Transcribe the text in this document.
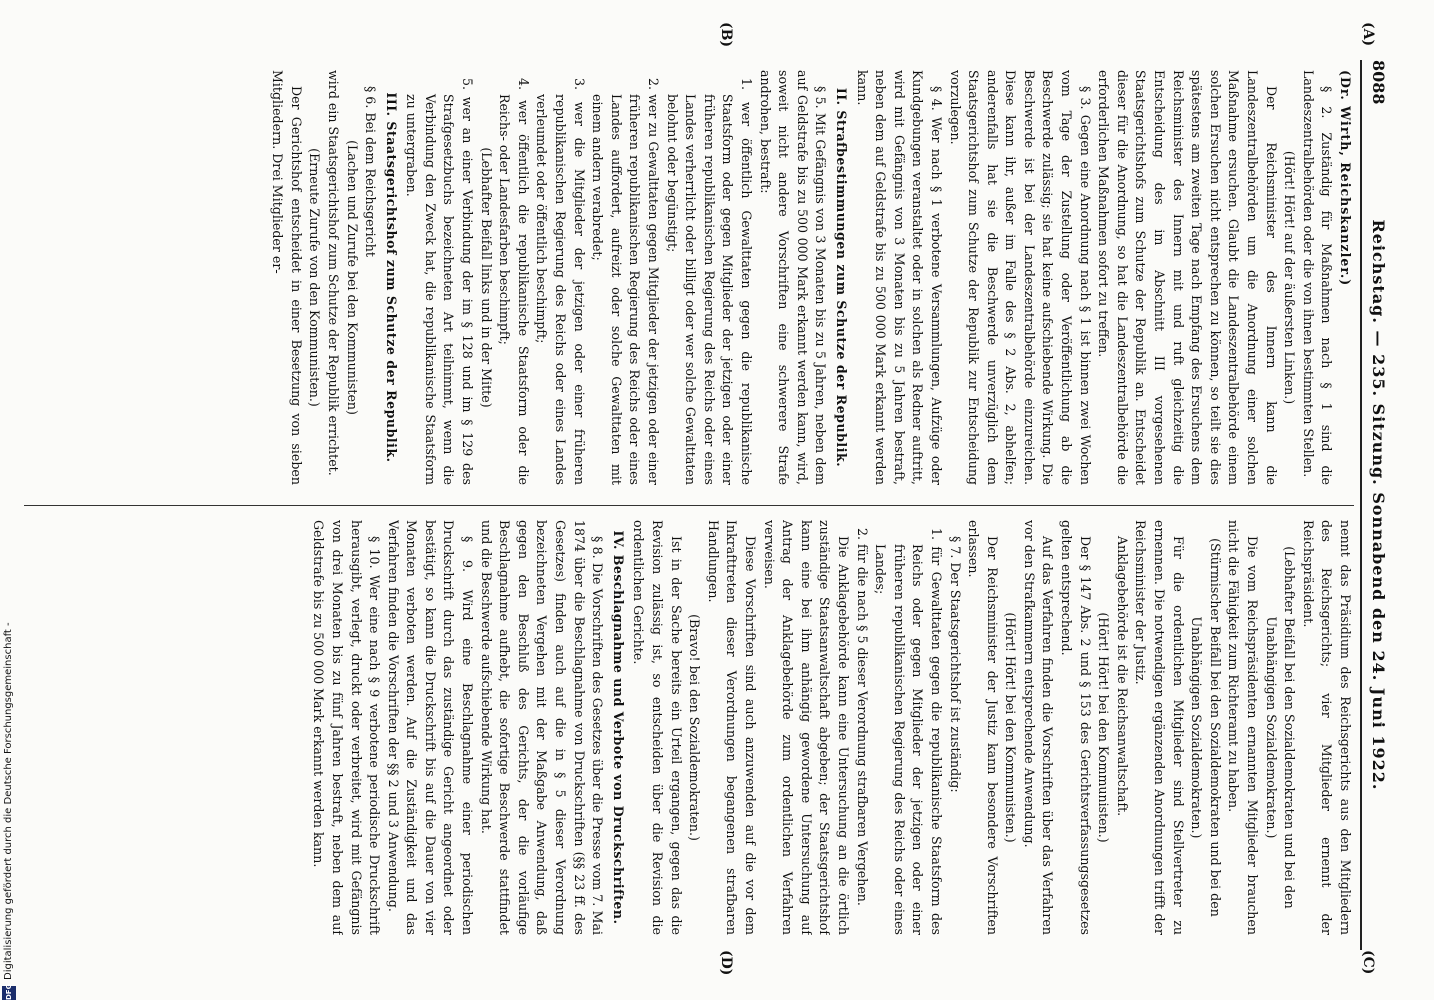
8088
Reichstag. — 235. Sitzung. Sonnabend den 24. Juni 1922.
(A)
(B)
(C)
(D)

(Dr. Wirth, Reichskanzler.)

§ 2. Zuständig für Maßnahmen nach § 1 sind die Landeszentralbehörden oder die von ihnen bestimmten Stellen.

(Hört! Hört! auf der äußersten Linken.)

Der Reichsminister des Innern kann die Landeszentralbehörden um die Anordnung einer solchen Maßnahme ersuchen. Glaubt die Landeszentralbehörde einem solchen Ersuchen nicht entsprechen zu können, so teilt sie dies spätestens am zweiten Tage nach Empfang des Ersuchens dem Reichsminister des Innern mit und ruft gleichzeitig die Entscheidung des im Abschnitt III vorgesehenen Staatsgerichtshofs zum Schutze der Republik an. Entscheidet dieser für die Anordnung, so hat die Landeszentralbehörde die erforderlichen Maßnahmen sofort zu treffen.

§ 3. Gegen eine Anordnung nach § 1 ist binnen zwei Wochen vom Tage der Zustellung oder Veröffentlichung ab die Beschwerde zulässig; sie hat keine aufschiebende Wirkung. Die Beschwerde ist bei der Landeszentralbehörde einzureichen. Diese kann ihr, außer im Falle des § 2 Abs. 2, abhelfen; anderenfalls hat sie die Beschwerde unverzüglich dem Staatsgerichtshof zum Schutze der Republik zur Entscheidung vorzulegen.

§ 4. Wer nach § 1 verbotene Versammlungen, Aufzüge oder Kundgebungen veranstaltet oder in solchen als Redner auftritt, wird mit Gefängnis von 3 Monaten bis zu 5 Jahren bestraft, neben dem auf Geldstrafe bis zu 500 000 Mark erkannt werden kann.

II. Strafbestimmungen zum Schutze der Republik.

§ 5. Mit Gefängnis von 3 Monaten bis zu 5 Jahren, neben dem auf Geldstrafe bis zu 500 000 Mark erkannt werden kann, wird, soweit nicht andere Vorschriften eine schwerere Strafe androhen, bestraft:

1. wer öffentlich Gewalttaten gegen die republikanische Staatsform oder gegen Mitglieder der jetzigen oder einer früheren republikanischen Regierung des Reichs oder eines Landes verherrlicht oder billigt oder wer solche Gewalttaten belohnt oder begünstigt;

2. wer zu Gewalttaten gegen Mitglieder der jetzigen oder einer früheren republikanischen Regierung des Reichs oder eines Landes auffordert, aufreizt oder solche Gewalttaten mit einem andern verabredet;

3. wer die Mitglieder der jetzigen oder einer früheren republikanischen Regierung des Reichs oder eines Landes verleumdet oder öffentlich beschimpft;

4. wer öffentlich die republikanische Staatsform oder die Reichs- oder Landesfarben beschimpft;

(Lebhafter Beifall links und in der Mitte)

5. wer an einer Verbindung der im § 128 und im § 129 des Strafgesetzbuchs bezeichneten Art teilnimmt, wenn die Verbindung den Zweck hat, die republikanische Staatsform zu untergraben.

III. Staatsgerichtshof zum Schutze der Republik.

§ 6. Bei dem Reichsgericht

(Lachen und Zurufe bei den Kommunisten)

wird ein Staatsgerichtshof zum Schutze der Republik errichtet.

(Erneute Zurufe von den Kommunisten.)

Der Gerichtshof entscheidet in einer Besetzung von sieben Mitgliedern. Drei Mitglieder er-

nennt das Präsidium des Reichsgerichts aus den Mitgliedern des Reichsgerichts; vier Mitglieder ernennt der Reichspräsident.

(Lebhafter Beifall bei den Sozialdemokraten und bei den Unabhängigen Sozialdemokraten.)

Die vom Reichspräsidenten ernannten Mitglieder brauchen nicht die Fähigkeit zum Richteramt zu haben.

(Stürmischer Beifall bei den Sozialdemokraten und bei den Unabhängigen Sozialdemokraten.)

Für die ordentlichen Mitglieder sind Stellvertreter zu ernennen. Die notwendigen ergänzenden Anordnungen trifft der Reichsminister der Justiz.

Anklagebehörde ist die Reichsanwaltschaft.

(Hört! Hört! bei den Kommunisten.)

Der § 147 Abs. 2 und § 153 des Gerichtsverfassungsgesetzes gelten entsprechend.

Auf das Verfahren finden die Vorschriften über das Verfahren vor den Strafkammern entsprechende Anwendung.

(Hört! Hört! bei den Kommunisten.)

Der Reichsminister der Justiz kann besondere Vorschriften erlassen.

§ 7. Der Staatsgerichtshof ist zuständig:

1. für Gewalttaten gegen die republikanische Staatsform des Reichs oder gegen Mitglieder der jetzigen oder einer früheren republikanischen Regierung des Reichs oder eines Landes;

2. für die nach § 5 dieser Verordnung strafbaren Vergehen.

Die Anklagebehörde kann eine Untersuchung an die örtlich zuständige Staatsanwaltschaft abgeben; der Staatsgerichtshof kann eine bei ihm anhängig gewordene Untersuchung auf Antrag der Anklagebehörde zum ordentlichen Verfahren verweisen.

Diese Vorschriften sind auch anzuwenden auf die vor dem Inkrafttreten dieser Verordnungen begangenen strafbaren Handlungen.

(Bravo! bei den Sozialdemokraten.)

Ist in der Sache bereits ein Urteil ergangen, gegen das die Revision zulässig ist, so entscheiden über die Revision die ordentlichen Gerichte.

IV. Beschlagnahme und Verbote von Druckschriften.

§ 8. Die Vorschriften des Gesetzes über die Presse vom 7. Mai 1874 über die Beschlagnahme von Druckschriften (§§ 23 ff. des Gesetzes) finden auch auf die in § 5 dieser Verordnung bezeichneten Vergehen mit der Maßgabe Anwendung, daß gegen den Beschluß des Gerichts, der die vorläufige Beschlagnahme aufhebt, die sofortige Beschwerde stattfindet und die Beschwerde aufschiebende Wirkung hat.

§ 9. Wird eine Beschlagnahme einer periodischen Druckschrift durch das zuständige Gericht angeordnet oder bestätigt, so kann die Druckschrift bis auf die Dauer von vier Monaten verboten werden. Auf die Zuständigkeit und das Verfahren finden die Vorschriften der §§ 2 und 3 Anwendung.

§ 10. Wer eine nach § 9 verbotene periodische Druckschrift herausgibt, verlegt, druckt oder verbreitet, wird mit Gefängnis von drei Monaten bis zu fünf Jahren bestraft, neben dem auf Geldstrafe bis zu 500 000 Mark erkannt werden kann.

DFG
Digitalisierung gefördert durch die Deutsche Forschungsgemeinschaft -
